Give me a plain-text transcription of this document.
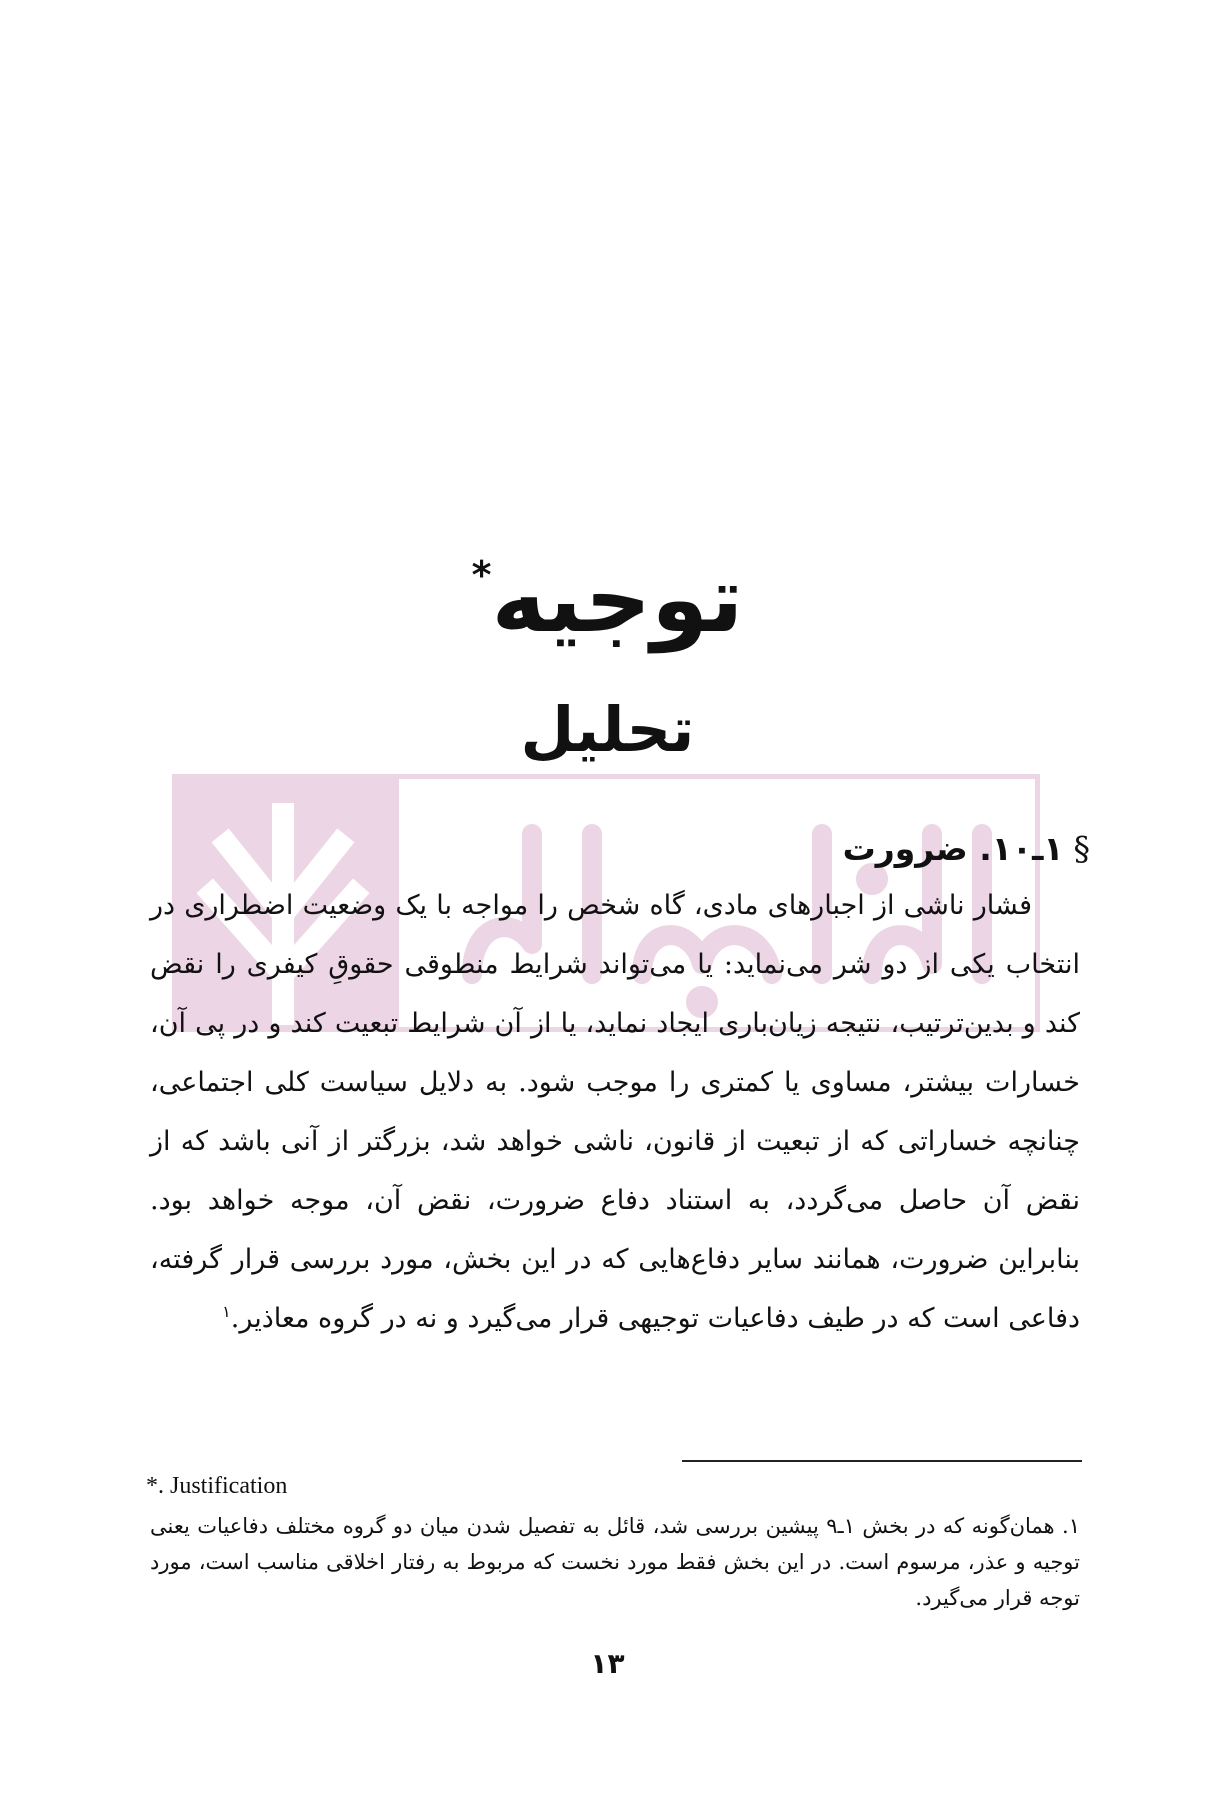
توجیه*
تحلیل
§۱ـ۱۰. ضرورت

فشار ناشی از اجبارهای مادی، گاه شخص را مواجه با یک وضعیت اضطراری در انتخاب یکی از دو شر می‌نماید: یا می‌تواند شرایط منطوقی حقوقِ کیفری را نقض کند و بدین‌ترتیب، نتیجه زیان‌باری ایجاد نماید، یا از آن شرایط تبعیت کند و در پی آن، خسارات بیشتر، مساوی یا کمتری را موجب شود. به دلایل سیاست کلی اجتماعی، چنانچه خساراتی که از تبعیت از قانون، ناشی خواهد شد، بزرگتر از آنی باشد که از نقض آن حاصل می‌گردد، به استناد دفاع ضرورت، نقض آن، موجه خواهد بود. بنابراین ضرورت، همانند سایر دفاع‌هایی که در این بخش، مورد بررسی قرار گرفته، دفاعی است که در طیف دفاعیات توجیهی قرار می‌گیرد و نه در گروه معاذیر.$^۱$

*. Justification
۱. همان‌گونه که در بخش ۱ـ۹ پیشین بررسی شد، قائل به تفصیل شدن میان دو گروه مختلف دفاعیات یعنی توجیه و عذر، مرسوم است. در این بخش فقط مورد نخست که مربوط به رفتار اخلاقی مناسب است، مورد توجه قرار می‌گیرد.
۱۳
